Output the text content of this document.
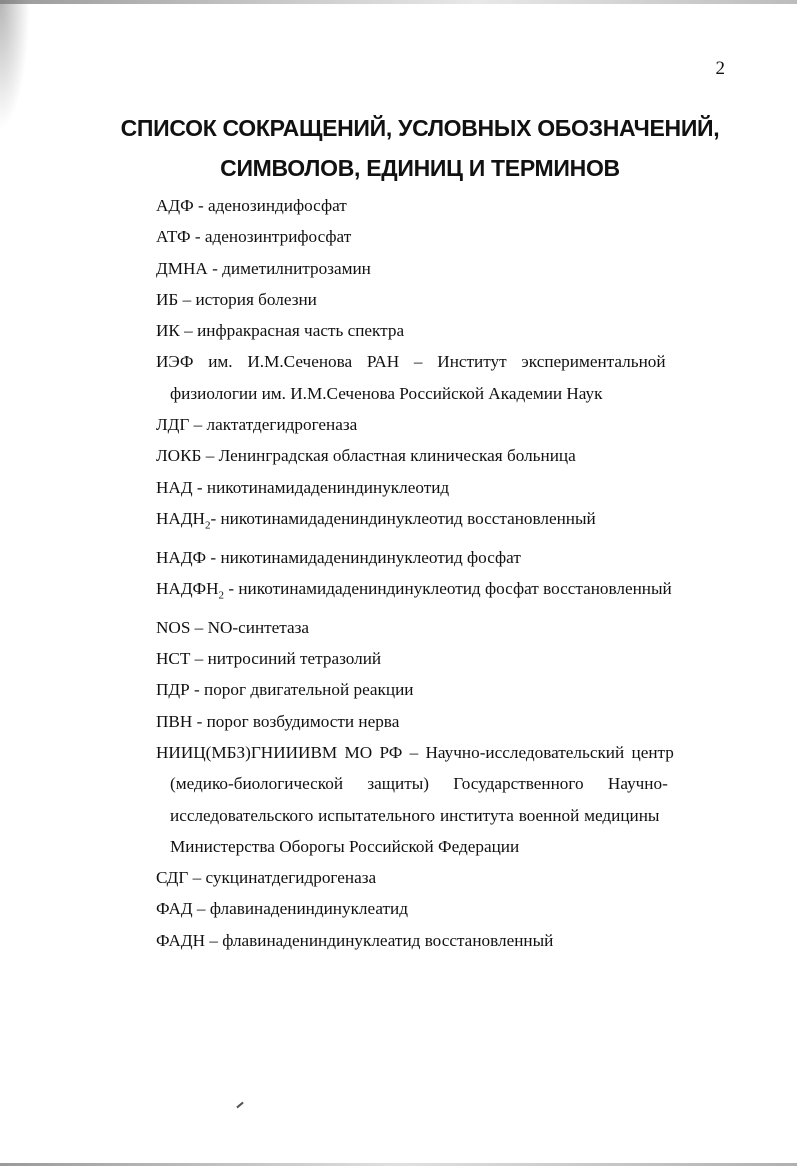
2
СПИСОК СОКРАЩЕНИЙ, УСЛОВНЫХ ОБОЗНАЧЕНИЙ,
СИМВОЛОВ, ЕДИНИЦ И ТЕРМИНОВ
АДФ - аденозиндифосфат
АТФ - аденозинтрифосфат
ДМНА - диметилнитрозамин
ИБ – история болезни
ИК – инфракрасная часть спектра
ИЭФ им. И.М.Сеченова РАН – Институт экспериментальной
физиологии им. И.М.Сеченова Российской Академии Наук
ЛДГ – лактатдегидрогеназа
ЛОКБ – Ленинградская областная клиническая больница
НАД - никотинамидадениндинуклеотид
$НАДН_2-$ никотинамидадениндинуклеотид восстановленный
НАДФ - никотинамидадениндинуклеотид фосфат
$НАДФН_2$ - никотинамидадениндинуклеотид фосфат восстановленный
NOS – NO-синтетаза
НСТ – нитросиний тетразолий
ПДР - порог двигательной реакции
ПВН - порог возбудимости нерва
НИИЦ(МБЗ)ГНИИИВМ МО РФ – Научно-исследовательский центр
(медико-биологической защиты) Государственного Научно-
исследовательского испытательного института военной медицины
Министерства Оборогы Российской Федерации
СДГ – сукцинатдегидрогеназа
ФАД – флавинадениндинуклеатид
ФАДН – флавинадениндинуклеатид восстановленный
